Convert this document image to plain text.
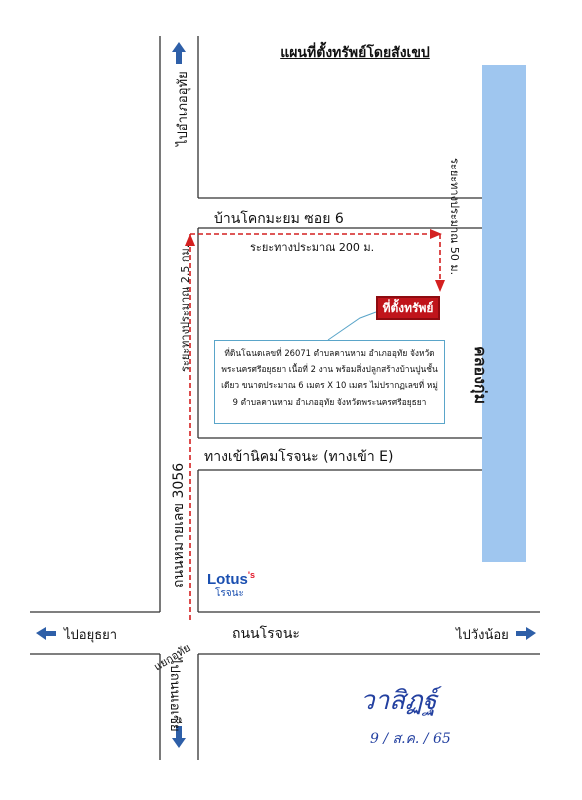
คลองกุ่ม
แผนที่ตั้งทรัพย์โดยสังเขป
บ้านโคกมะยม ซอย 6
ทางเข้านิคมโรจนะ (ทางเข้า E)
ถนนโรจนะ
ถนนหมายเลข 3056
แยกอุทัย
ระยะทางประมาณ 200 ม.
ระยะทางประมาณ 2.5 กม.
ระยะทางประมาณ 50 ม.
ที่ตั้งทรัพย์
ที่ดินโฉนดเลขที่ 26071 ตำบลคานหาม อำเภออุทัย จังหวัดพระนครศรีอยุธยา เนื้อที่ 2 งาน พร้อมสิ่งปลูกสร้างบ้านปูนชั้นเดียว ขนาดประมาณ 6 เมตร X 10 เมตร ไม่ปรากฏเลขที่ หมู่ 9 ตำบลคานหาม อำเภออุทัย จังหวัดพระนครศรีอยุธยา
ไปอำเภออุทัย
ไปถนนเอเซีย
ไปอยุธยา	ไปวังน้อย
Lotus$^{'s}$
โรจนะ
วาสิฏฐ์
9 / ส.ค. / 65
